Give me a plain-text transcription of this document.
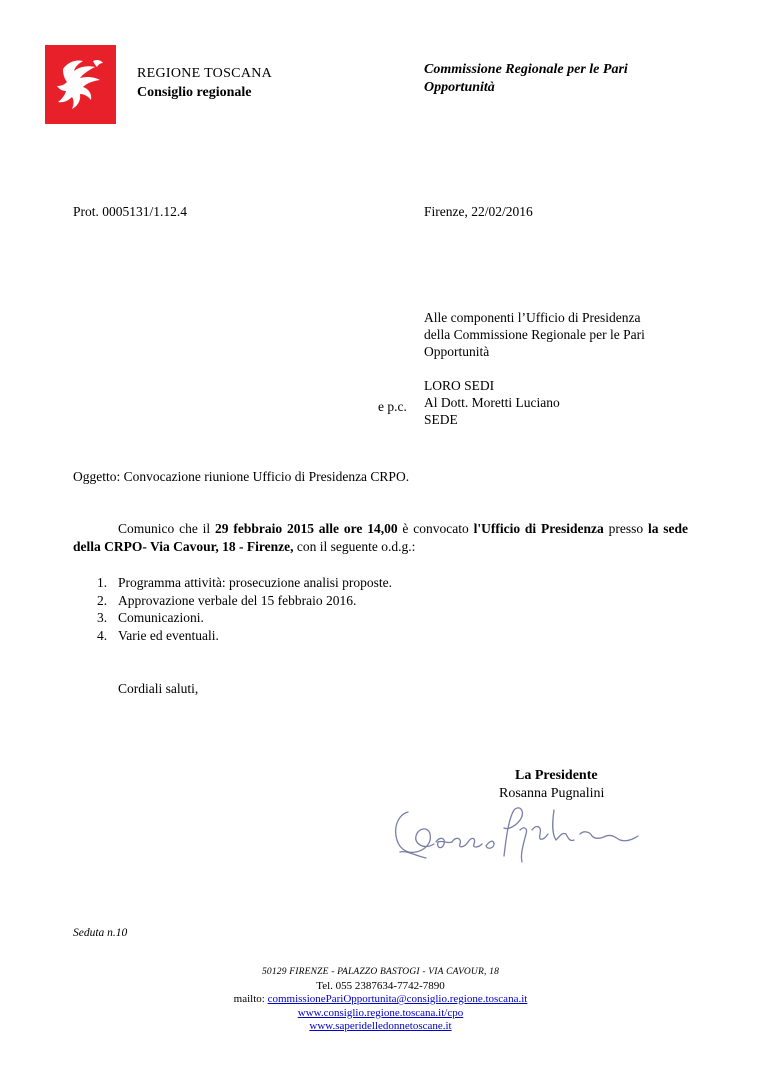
REGIONE TOSCANA
Consiglio regionale
Commissione Regionale per le Pari
Opportunità
Prot. 0005131/1.12.4	Firenze, 22/02/2016
Alle componenti l’Ufficio di Presidenza
della Commissione Regionale per le Pari
Opportunità
LORO SEDI
Al Dott. Moretti Luciano
SEDE
e p.c.
Oggetto: Convocazione riunione Ufficio di Presidenza CRPO.
Comunico che il 29 febbraio 2015 alle ore 14,00 è convocato l'Ufficio di Presidenza presso la sede della CRPO- Via Cavour, 18 - Firenze, con il seguente o.d.g.:
1. Programma attività: prosecuzione analisi proposte.
2. Approvazione verbale del 15 febbraio 2016.
3. Comunicazioni.
4. Varie ed eventuali.
Cordiali saluti,
La Presidente
Rosanna Pugnalini
Seduta n.10
50129 FIRENZE - PALAZZO BASTOGI - VIA CAVOUR, 18
Tel. 055 2387634-7742-7890
mailto: commissionePariOpportunita@consiglio.regione.toscana.it
www.consiglio.regione.toscana.it/cpo
www.saperidelledonnetoscane.it
